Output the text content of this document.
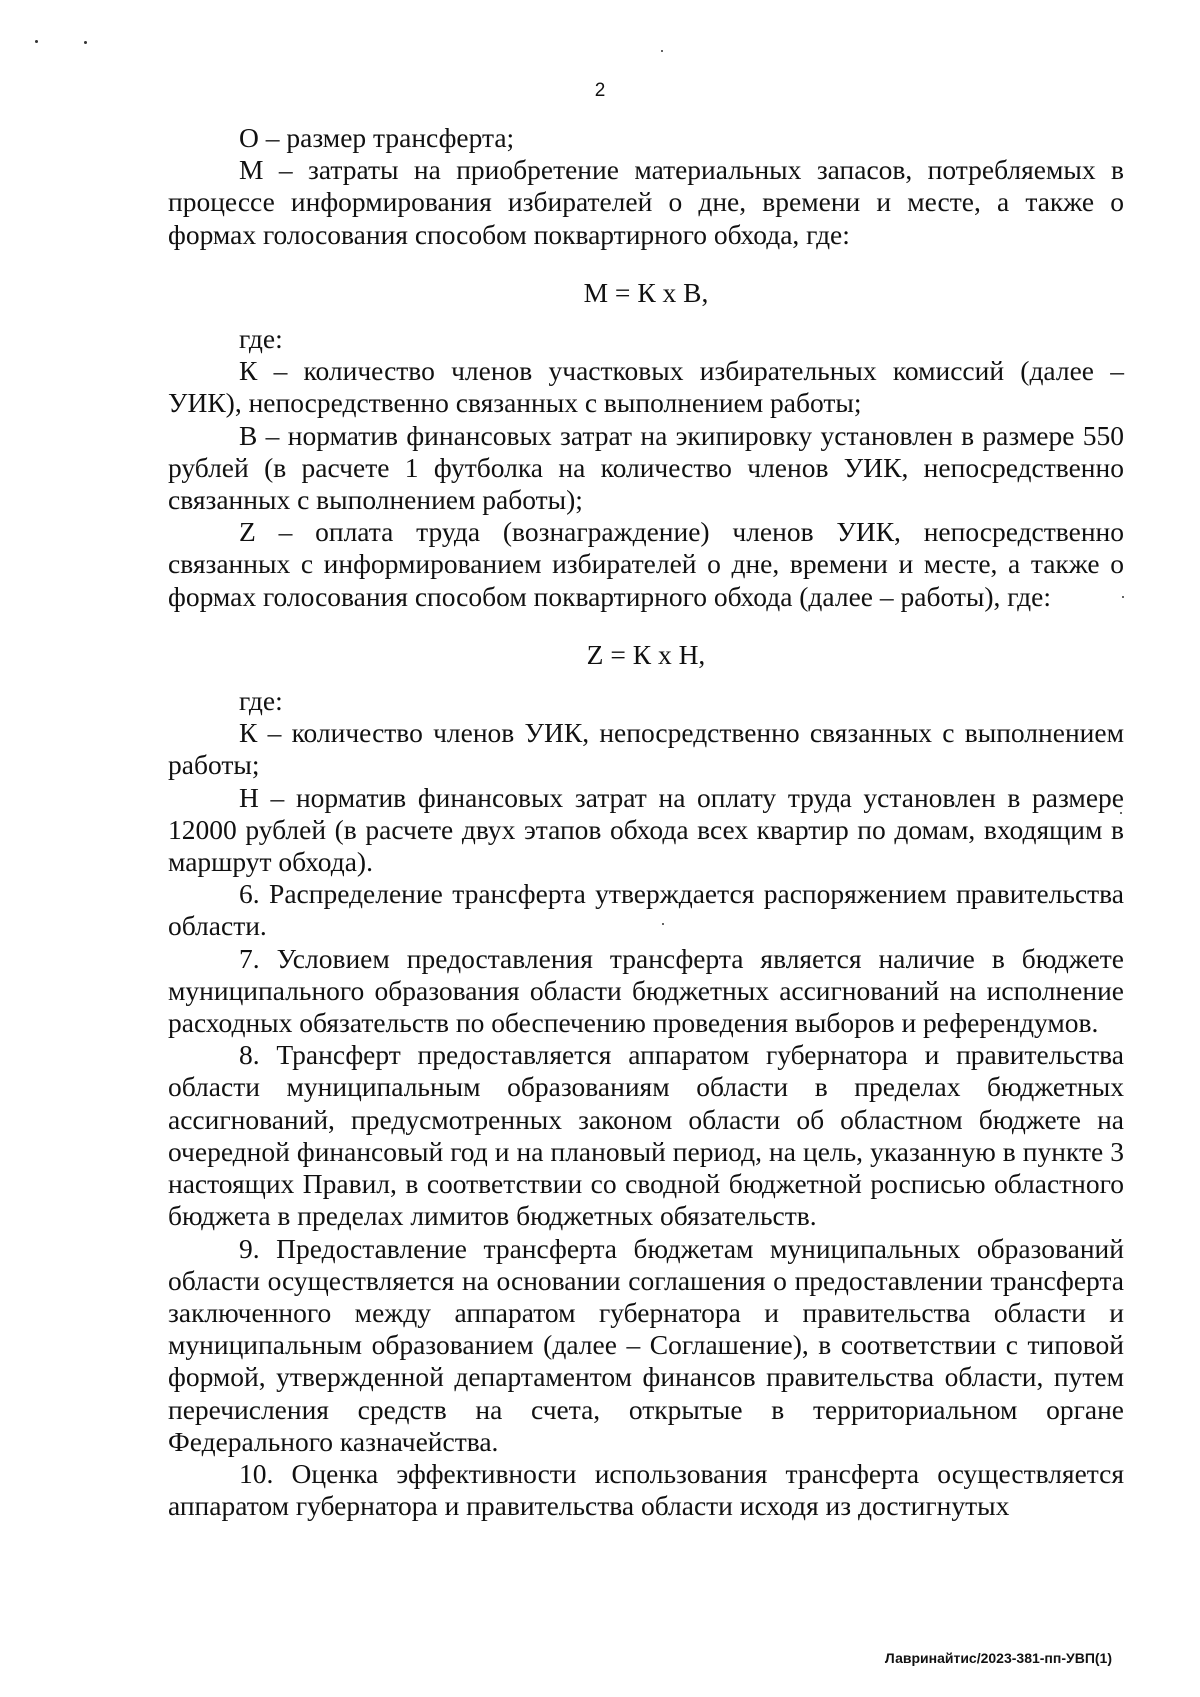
2

О – размер трансферта;

М – затраты на приобретение материальных запасов, потребляемых в процессе информирования избирателей о дне, времени и месте, а также о формах голосования способом поквартирного обхода, где:

М = К х В,

где:

К – количество членов участковых избирательных комиссий (далее – УИК), непосредственно связанных с выполнением работы;

В – норматив финансовых затрат на экипировку установлен в размере 550 рублей (в расчете 1 футболка на количество членов УИК, непосредственно связанных с выполнением работы);

Z – оплата труда (вознаграждение) членов УИК, непосредственно связанных с информированием избирателей о дне, времени и месте, а также о формах голосования способом поквартирного обхода (далее – работы), где:

Z = К х Н,

где:

К – количество членов УИК, непосредственно связанных с выполнением работы;

Н – норматив финансовых затрат на оплату труда установлен в размере 12000 рублей (в расчете двух этапов обхода всех квартир по домам, входящим в маршрут обхода).

6. Распределение трансферта утверждается распоряжением правительства области.

7. Условием предоставления трансферта является наличие в бюджете муниципального образования области бюджетных ассигнований на исполнение расходных обязательств по обеспечению проведения выборов и референдумов.

8. Трансферт предоставляется аппаратом губернатора и правительства области муниципальным образованиям области в пределах бюджетных ассигнований, предусмотренных законом области об областном бюджете на очередной финансовый год и на плановый период, на цель, указанную в пункте 3 настоящих Правил, в соответствии со сводной бюджетной росписью областного бюджета в пределах лимитов бюджетных обязательств.

9. Предоставление трансферта бюджетам муниципальных образований области осуществляется на основании соглашения о предоставлении трансферта заключенного между аппаратом губернатора и правительства области и муниципальным образованием (далее – Соглашение), в соответствии с типовой формой, утвержденной департаментом финансов правительства области, путем перечисления средств на счета, открытые в территориальном органе Федерального казначейства.

10. Оценка эффективности использования трансферта осуществляется аппаратом губернатора и правительства области исходя из достигнутых

Лавринайтис/2023-381-пп-УВП(1)
